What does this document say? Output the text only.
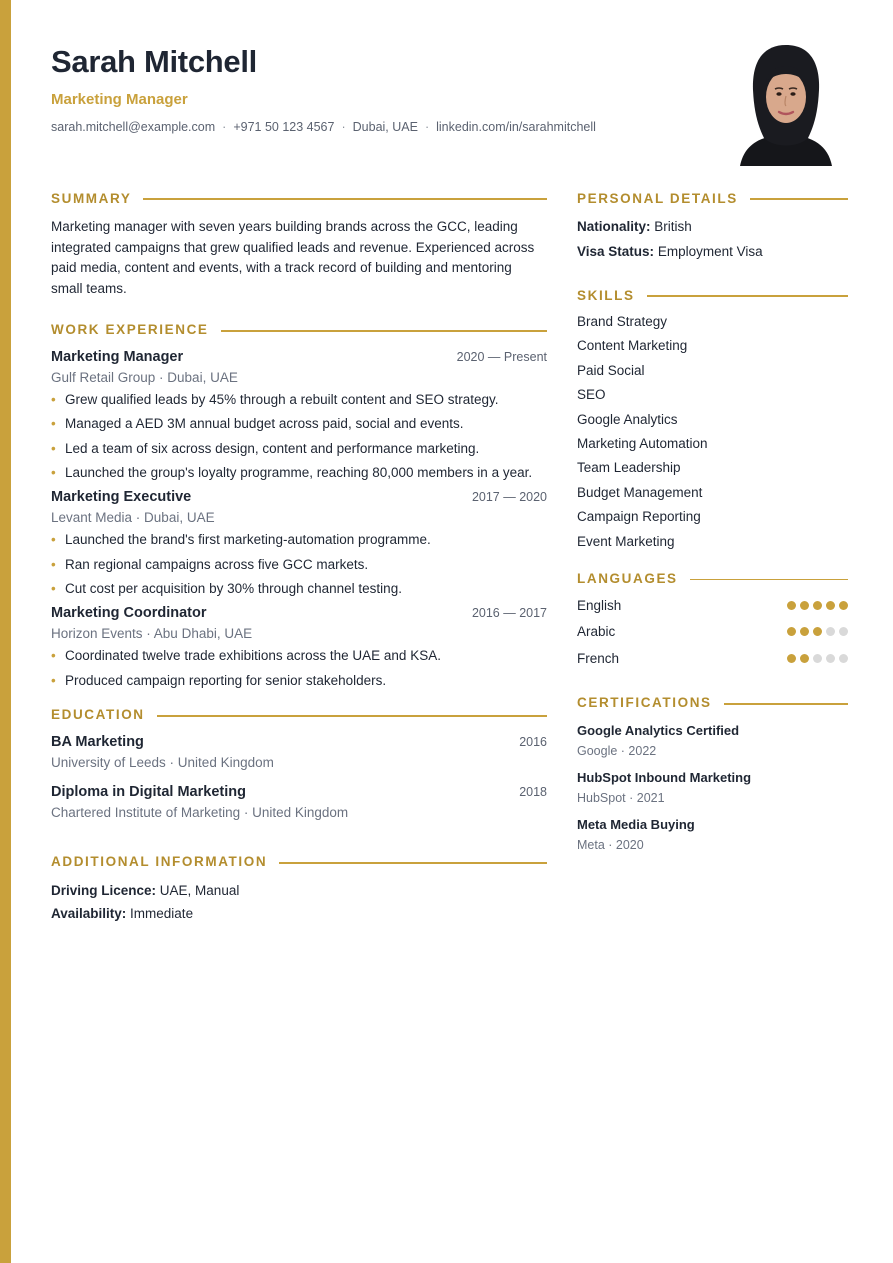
Sarah Mitchell
Marketing Manager
sarah.mitchell@example.com · +971 50 123 4567 · Dubai, UAE · linkedin.com/in/sarahmitchell
SUMMARY
Marketing manager with seven years building brands across the GCC, leading integrated campaigns that grew qualified leads and revenue. Experienced across paid media, content and events, with a track record of building and mentoring small teams.
WORK EXPERIENCE
Marketing Manager	2020 — Present
Gulf Retail Group · Dubai, UAE
• Grew qualified leads by 45% through a rebuilt content and SEO strategy.
• Managed a AED 3M annual budget across paid, social and events.
• Led a team of six across design, content and performance marketing.
• Launched the group's loyalty programme, reaching 80,000 members in a year.
Marketing Executive	2017 — 2020
Levant Media · Dubai, UAE
• Launched the brand's first marketing-automation programme.
• Ran regional campaigns across five GCC markets.
• Cut cost per acquisition by 30% through channel testing.
Marketing Coordinator	2016 — 2017
Horizon Events · Abu Dhabi, UAE
• Coordinated twelve trade exhibitions across the UAE and KSA.
• Produced campaign reporting for senior stakeholders.
EDUCATION
BA Marketing	2016
University of Leeds · United Kingdom
Diploma in Digital Marketing	2018
Chartered Institute of Marketing · United Kingdom
ADDITIONAL INFORMATION
Driving Licence: UAE, Manual
Availability: Immediate
PERSONAL DETAILS
Nationality: British
Visa Status: Employment Visa
SKILLS
Brand Strategy
Content Marketing
Paid Social
SEO
Google Analytics
Marketing Automation
Team Leadership
Budget Management
Campaign Reporting
Event Marketing
LANGUAGES
English
Arabic
French
CERTIFICATIONS
Google Analytics Certified
Google · 2022
HubSpot Inbound Marketing
HubSpot · 2021
Meta Media Buying
Meta · 2020
